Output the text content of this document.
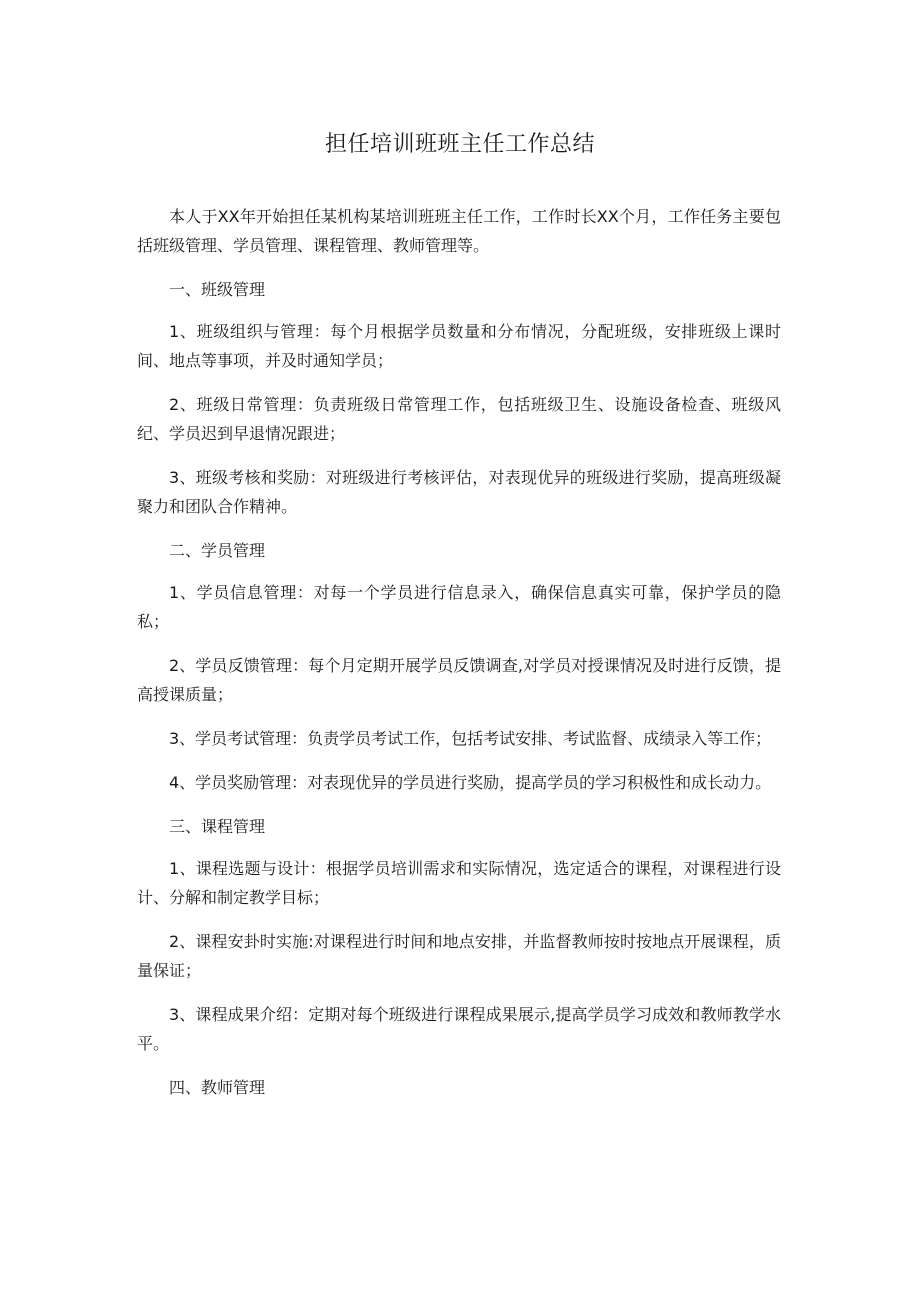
担任培训班班主任工作总结

本人于XX年开始担任某机构某培训班班主任工作，工作时长XX个月，工作任务主要包括班级管理、学员管理、课程管理、教师管理等。

一、班级管理

1、班级组织与管理：每个月根据学员数量和分布情况，分配班级，安排班级上课时间、地点等事项，并及时通知学员；

2、班级日常管理：负责班级日常管理工作，包括班级卫生、设施设备检查、班级风纪、学员迟到早退情况跟进；

3、班级考核和奖励：对班级进行考核评估，对表现优异的班级进行奖励，提高班级凝聚力和团队合作精神。

二、学员管理

1、学员信息管理：对每一个学员进行信息录入，确保信息真实可靠，保护学员的隐私；

2、学员反馈管理：每个月定期开展学员反馈调查,对学员对授课情况及时进行反馈，提高授课质量；

3、学员考试管理：负责学员考试工作，包括考试安排、考试监督、成绩录入等工作；

4、学员奖励管理：对表现优异的学员进行奖励，提高学员的学习积极性和成长动力。

三、课程管理

1、课程选题与设计：根据学员培训需求和实际情况，选定适合的课程，对课程进行设计、分解和制定教学目标；

2、课程安卦时实施:对课程进行时间和地点安排，并监督教师按时按地点开展课程，质量保证；

3、课程成果介绍：定期对每个班级进行课程成果展示,提高学员学习成效和教师教学水平。

四、教师管理
